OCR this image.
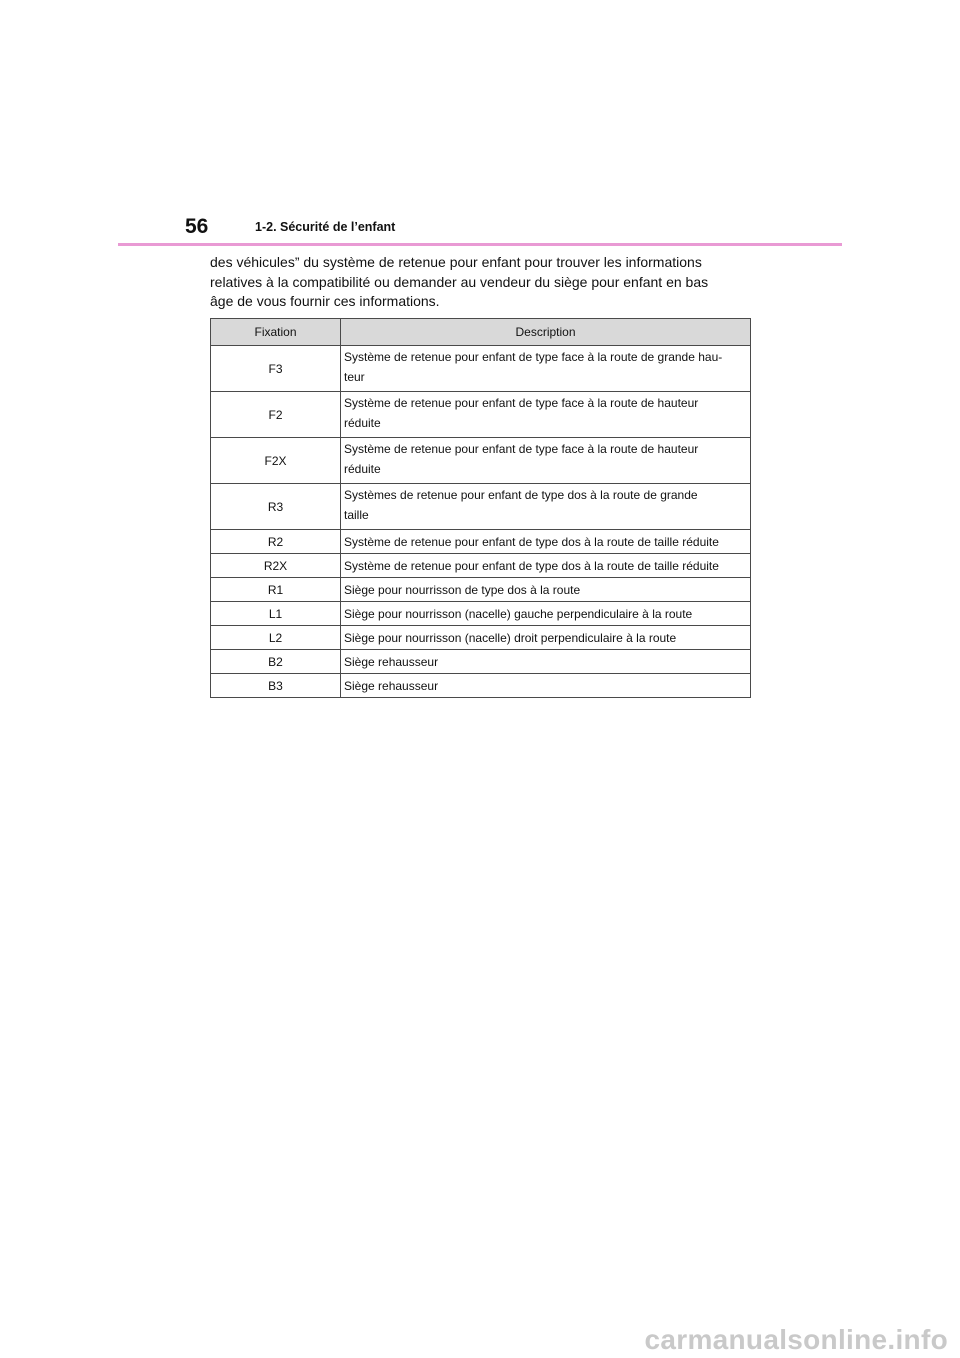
56	1-2. Sécurité de l’enfant
des véhicules” du système de retenue pour enfant pour trouver les informations
relatives à la compatibilité ou demander au vendeur du siège pour enfant en bas
âge de vous fournir ces informations.
Fixation	Description
F3	Système de retenue pour enfant de type face à la route de grande hau-
teur

F2	Système de retenue pour enfant de type face à la route de hauteur
réduite

F2X	Système de retenue pour enfant de type face à la route de hauteur
réduite

R3	Systèmes de retenue pour enfant de type dos à la route de grande
taille

R2	Système de retenue pour enfant de type dos à la route de taille réduite
R2X	Système de retenue pour enfant de type dos à la route de taille réduite
R1	Siège pour nourrisson de type dos à la route
L1	Siège pour nourrisson (nacelle) gauche perpendiculaire à la route
L2	Siège pour nourrisson (nacelle) droit perpendiculaire à la route
B2	Siège rehausseur
B3	Siège rehausseur
carmanualsonline.info
